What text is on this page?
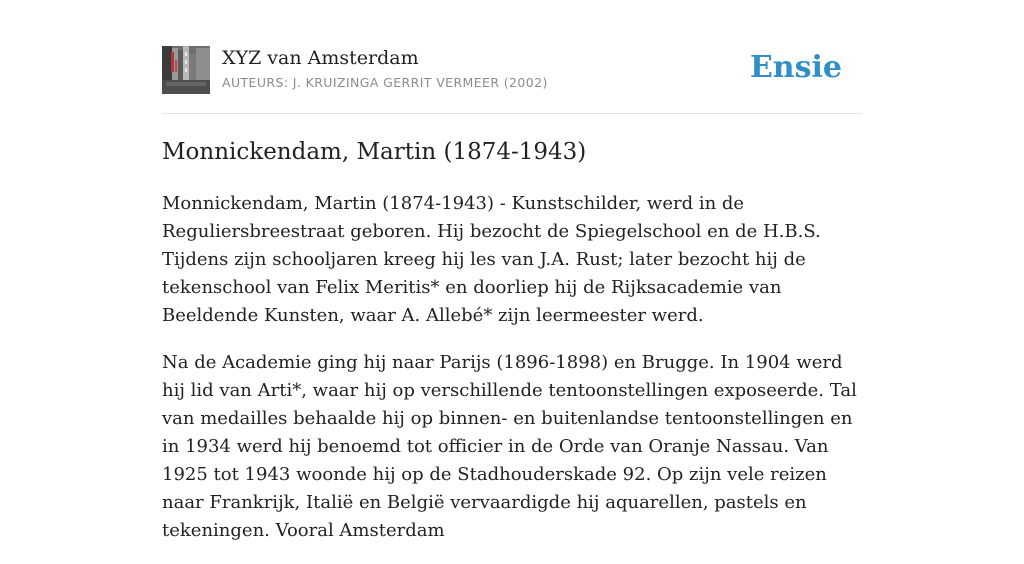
XYZ van Amsterdam
AUTEURS: J. KRUIZINGA GERRIT VERMEER (2002)	Ensie
Monnickendam, Martin (1874-1943)

Monnickendam, Martin (1874-1943) - Kunstschilder, werd in de Reguliersbreestraat geboren. Hij bezocht de Spiegelschool en de H.B.S. Tijdens zijn schooljaren kreeg hij les van J.A. Rust; later bezocht hij de tekenschool van Felix Meritis* en doorliep hij de Rijksacademie van Beeldende Kunsten, waar A. Allebé* zijn leermeester werd.

Na de Academie ging hij naar Parijs (1896-1898) en Brugge. In 1904 werd hij lid van Arti*, waar hij op verschillende tentoonstellingen exposeerde. Tal van medailles behaalde hij op binnen- en buitenlandse tentoonstellingen en in 1934 werd hij benoemd tot officier in de Orde van Oranje Nassau. Van 1925 tot 1943 woonde hij op de Stadhouderskade 92. Op zijn vele reizen naar Frankrijk, Italië en België vervaardigde hij aquarellen, pastels en tekeningen. Vooral Amsterdam
